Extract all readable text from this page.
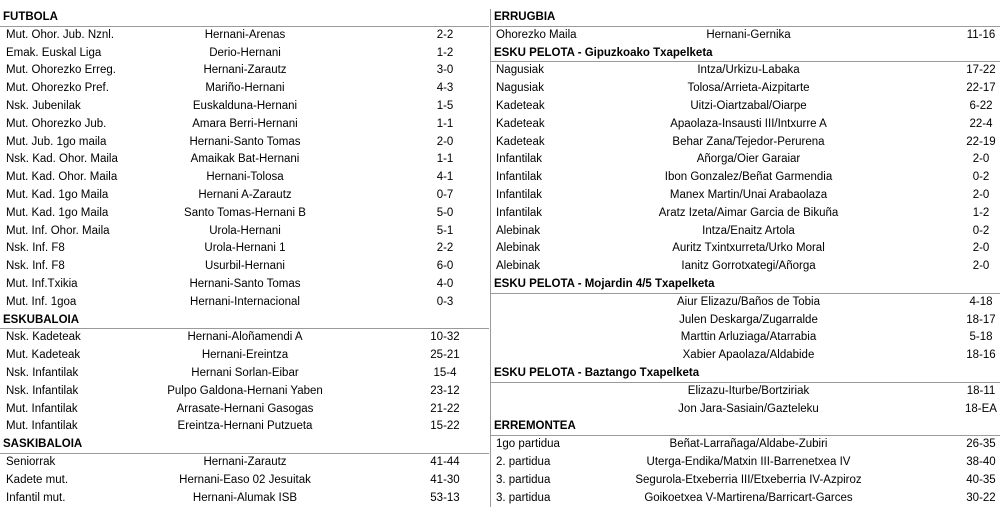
FUTBOLA
Mut. Ohor. Jub. Nznl.	Hernani-Arenas	2-2
Emak. Euskal Liga	Derio-Hernani	1-2
Mut. Ohorezko Erreg.	Hernani-Zarautz	3-0
Mut. Ohorezko Pref.	Mariño-Hernani	4-3
Nsk. Jubenilak	Euskalduna-Hernani	1-5
Mut. Ohorezko Jub.	Amara Berri-Hernani	1-1
Mut. Jub. 1go maila	Hernani-Santo Tomas	2-0
Nsk. Kad. Ohor. Maila	Amaikak Bat-Hernani	1-1
Mut. Kad. Ohor. Maila	Hernani-Tolosa	4-1
Mut. Kad. 1go Maila	Hernani A-Zarautz	0-7
Mut. Kad. 1go Maila	Santo Tomas-Hernani B	5-0
Mut. Inf. Ohor. Maila	Urola-Hernani	5-1
Nsk. Inf. F8	Urola-Hernani 1	2-2
Nsk. Inf. F8	Usurbil-Hernani	6-0
Mut. Inf.Txikia	Hernani-Santo Tomas	4-0
Mut. Inf. 1goa	Hernani-Internacional	0-3
ESKUBALOIA
Nsk. Kadeteak	Hernani-Aloñamendi A	10-32
Mut. Kadeteak	Hernani-Ereintza	25-21
Nsk. Infantilak	Hernani Sorlan-Eibar	15-4
Nsk. Infantilak	Pulpo Galdona-Hernani Yaben	23-12
Mut. Infantilak	Arrasate-Hernani Gasogas	21-22
Mut. Infantilak	Ereintza-Hernani Putzueta	15-22
SASKIBALOIA
Seniorrak	Hernani-Zarautz	41-44
Kadete mut.	Hernani-Easo 02 Jesuitak	41-30
Infantil mut.	Hernani-Alumak ISB	53-13
ERRUGBIA
Ohorezko Maila	Hernani-Gernika	11-16
ESKU PELOTA - Gipuzkoako Txapelketa
Nagusiak	Intza/Urkizu-Labaka	17-22
Nagusiak	Tolosa/Arrieta-Aizpitarte	22-17
Kadeteak	Uitzi-Oiartzabal/Oiarpe	6-22
Kadeteak	Apaolaza-Insausti III/Intxurre A	22-4
Kadeteak	Behar Zana/Tejedor-Perurena	22-19
Infantilak	Añorga/Oier Garaiar	2-0
Infantilak	Ibon Gonzalez/Beñat Garmendia	0-2
Infantilak	Manex Martin/Unai Arabaolaza	2-0
Infantilak	Aratz Izeta/Aimar Garcia de Bikuña	1-2
Alebinak	Intza/Enaitz Artola	0-2
Alebinak	Auritz Txintxurreta/Urko Moral	2-0
Alebinak	Ianitz Gorrotxategi/Añorga	2-0
ESKU PELOTA - Mojardin 4/5 Txapelketa
Aiur Elizazu/Baños de Tobia	4-18
Julen Deskarga/Zugarralde	18-17
Marttin Arluziaga/Atarrabia	5-18
Xabier Apaolaza/Aldabide	18-16
ESKU PELOTA - Baztango Txapelketa
Elizazu-Iturbe/Bortziriak	18-11
Jon Jara-Sasiain/Gazteleku	18-EA
ERREMONTEA
1go partidua	Beñat-Larrañaga/Aldabe-Zubiri	26-35
2. partidua	Uterga-Endika/Matxin III-Barrenetxea IV	38-40
3. partidua	Segurola-Etxeberria III/Etxeberria IV-Azpiroz	40-35
3. partidua	Goikoetxea V-Martirena/Barricart-Garces	30-22
